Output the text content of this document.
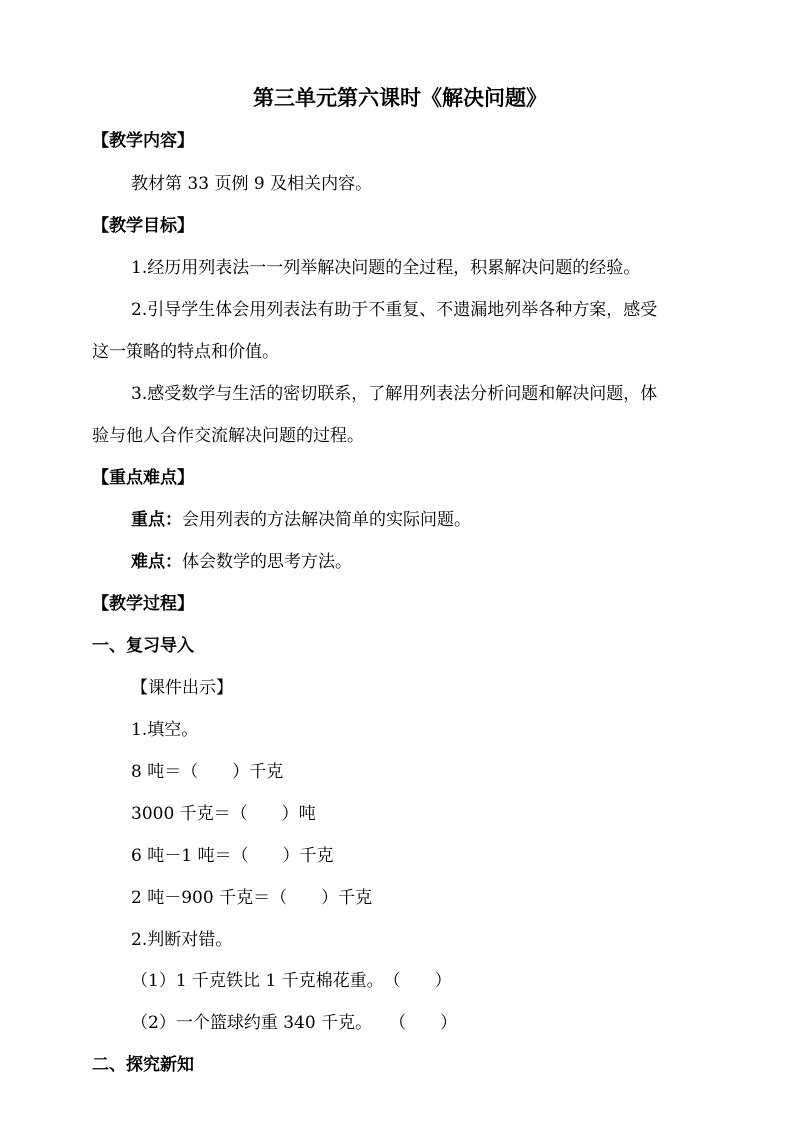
第三单元第六课时《解决问题》

【教学内容】

教材第 33 页例 9 及相关内容。

【教学目标】

1.经历用列表法一一列举解决问题的全过程，积累解决问题的经验。

2.引导学生体会用列表法有助于不重复、不遗漏地列举各种方案，感受

这一策略的特点和价值。

3.感受数学与生活的密切联系，了解用列表法分析问题和解决问题，体

验与他人合作交流解决问题的过程。

【重点难点】

重点：会用列表的方法解决简单的实际问题。

难点：体会数学的思考方法。

【教学过程】

一、复习导入

【课件出示】

1.填空。

8 吨＝（　　）千克

3000 千克＝（　　）吨

6 吨－1 吨＝（　　）千克

2 吨－900 千克＝（　　）千克

2.判断对错。

（1）1 千克铁比 1 千克棉花重。　（　　）

（2）一个篮球约重 340 千克。　　（　　）

二、探究新知
